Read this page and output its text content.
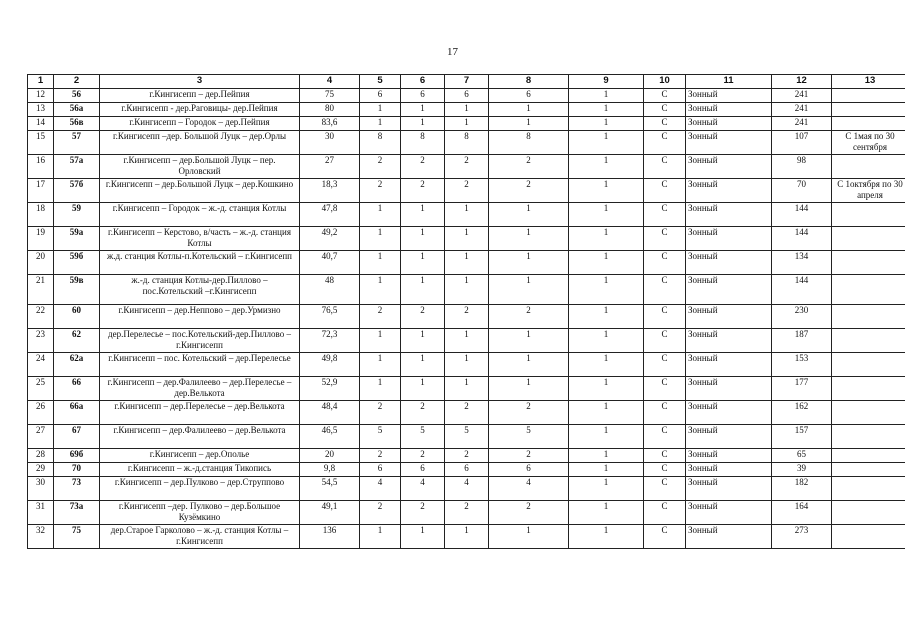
17
1	2	3	4	5	6	7	8	9	10	11	12	13
12	56	г.Кингисепп – дер.Пейпия	75	6	6	6	6	1	С	Зонный	241	
13	56а	г.Кингисепп - дер.Раговицы- дер.Пейпия	80	1	1	1	1	1	С	Зонный	241	
14	56в	г.Кингисепп – Городок – дер.Пейпия	83,6	1	1	1	1	1	С	Зонный	241	
15	57	г.Кингисепп –дер. Большой Луцк – дер.Орлы	30	8	8	8	8	1	С	Зонный	107	С 1мая по 30 сентября
16	57а	г.Кингисепп – дер.Большой Луцк – пер. Орловский	27	2	2	2	2	1	С	Зонный	98	
17	57б	г.Кингисепп – дер.Большой Луцк – дер.Кошкино	18,3	2	2	2	2	1	С	Зонный	70	С 1октября по 30 апреля
18	59	г.Кингисепп – Городок – ж.-д. станция Котлы	47,8	1	1	1	1	1	С	Зонный	144	
19	59а	г.Кингисепп – Керстово, в/часть – ж.-д. станция Котлы	49,2	1	1	1	1	1	С	Зонный	144	
20	59б	ж.д. станция Котлы-п.Котельский – г.Кингисепп	40,7	1	1	1	1	1	С	Зонный	134	
21	59в	ж.-д. станция Котлы-дер.Пиллово – пос.Котельский –г.Кингисепп	48	1	1	1	1	1	С	Зонный	144	
22	60	г.Кингисепп – дер.Неппово – дер.Урмизно	76,5	2	2	2	2	1	С	Зонный	230	
23	62	дер.Перелесье – пос.Котельский-дер.Пиллово – г.Кингисепп	72,3	1	1	1	1	1	С	Зонный	187	
24	62а	г.Кингисепп – пос. Котельский – дер.Перелесье	49,8	1	1	1	1	1	С	Зонный	153	
25	66	г.Кингисепп – дер.Фалилеево – дер.Перелесье – дер.Велькота	52,9	1	1	1	1	1	С	Зонный	177	
26	66а	г.Кингисепп – дер.Перелесье – дер.Велькота	48,4	2	2	2	2	1	С	Зонный	162	
27	67	г.Кингисепп – дер.Фалилеево – дер.Велькота	46,5	5	5	5	5	1	С	Зонный	157	
28	69б	г.Кингисепп – дер.Ополье	20	2	2	2	2	1	С	Зонный	65	
29	70	г.Кингисепп – ж.-д.станция Тикопись	9,8	6	6	6	6	1	С	Зонный	39	
30	73	г.Кингисепп – дер.Пулково – дер.Струппово	54,5	4	4	4	4	1	С	Зонный	182	
31	73а	г.Кингисепп –дер. Пулково – дер.Большое Кузёмкино	49,1	2	2	2	2	1	С	Зонный	164	
32	75	дер.Старое Гарколово – ж.-д. станция Котлы – г.Кингисепп	136	1	1	1	1	1	С	Зонный	273	
